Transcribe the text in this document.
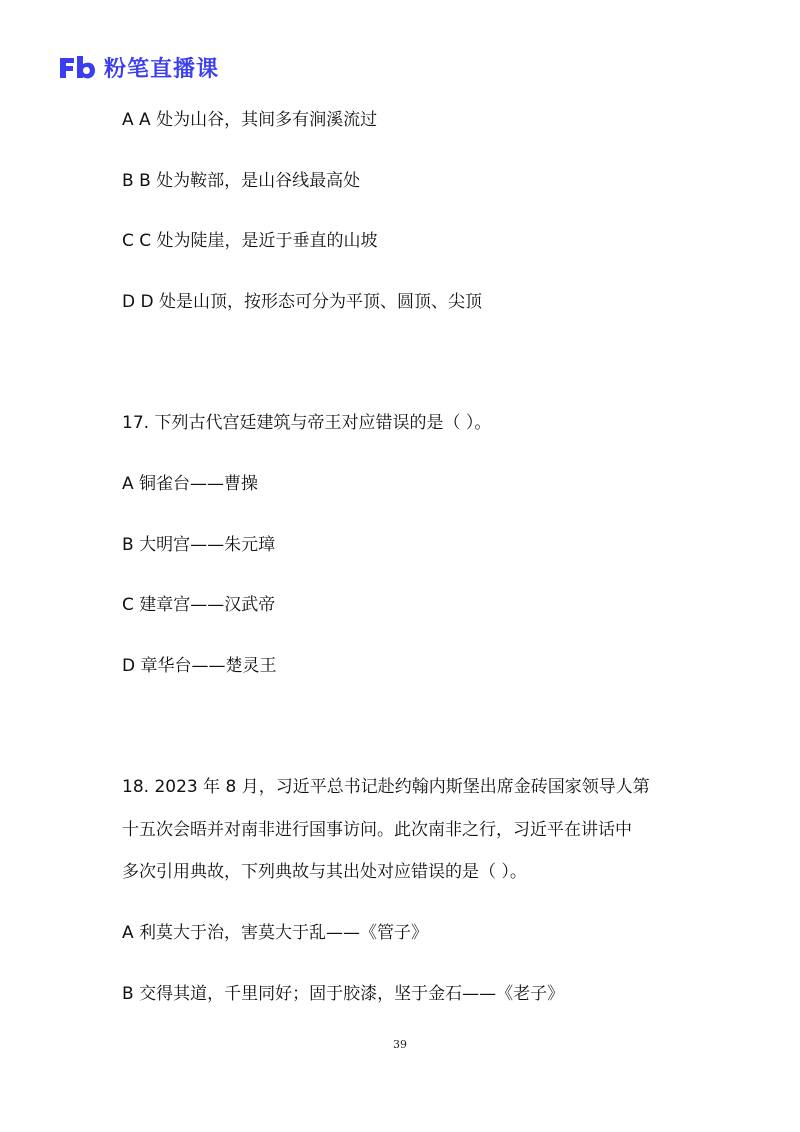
粉笔直播课
A A 处为山谷，其间多有涧溪流过
B B 处为鞍部，是山谷线最高处
C C 处为陡崖，是近于垂直的山坡
D D 处是山顶，按形态可分为平顶、圆顶、尖顶
17. 下列古代宫廷建筑与帝王对应错误的是（ ）。
A 铜雀台——曹操
B 大明宫——朱元璋
C 建章宫——汉武帝
D 章华台——楚灵王
18. 2023 年 8 月，习近平总书记赴约翰内斯堡出席金砖国家领导人第
十五次会晤并对南非进行国事访问。此次南非之行，习近平在讲话中
多次引用典故，下列典故与其出处对应错误的是（ ）。
A 利莫大于治，害莫大于乱——《管子》
B 交得其道，千里同好；固于胶漆，坚于金石——《老子》
39
